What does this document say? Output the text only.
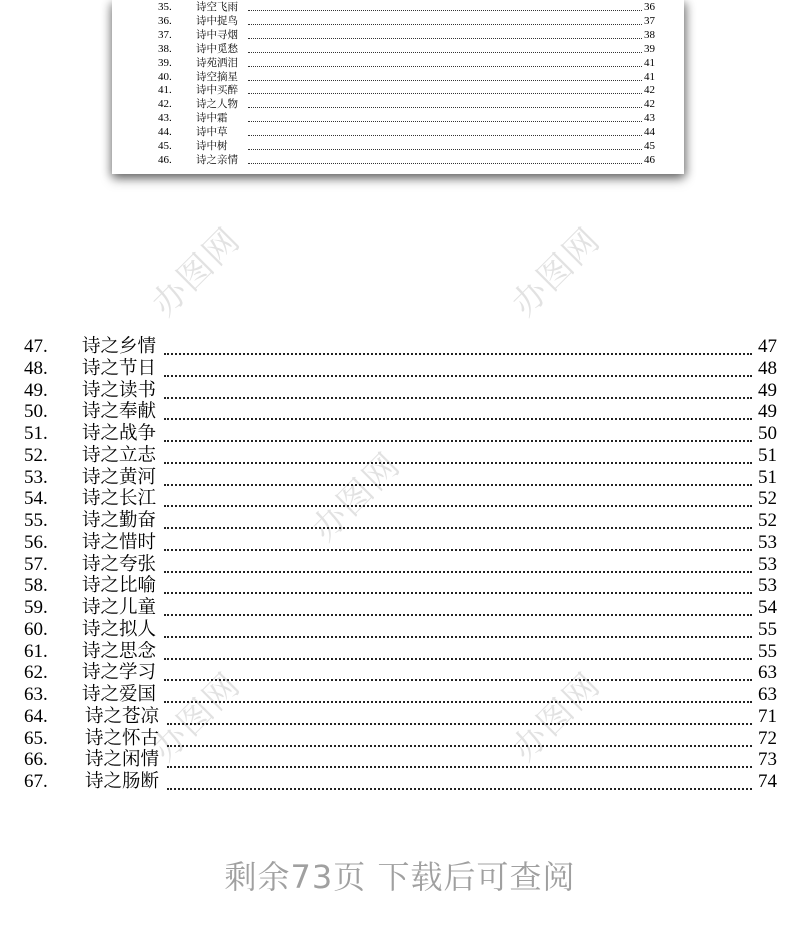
35.	诗空飞雨	36
36.	诗中捉鸟	37
37.	诗中寻烟	38
38.	诗中觅愁	39
39.	诗苑洒泪	41
40.	诗空摘星	41
41.	诗中买醉	42
42.	诗之人物	42
43.	诗中霜	43
44.	诗中草	44
45.	诗中树	45
46.	诗之亲情	46
办图网	办图网
办图网
办图网	办图网
47. 诗之乡情	47
48. 诗之节日	48
49. 诗之读书	49
50. 诗之奉献	49
51. 诗之战争	50
52. 诗之立志	51
53. 诗之黄河	51
54. 诗之长江	52
55. 诗之勤奋	52
56. 诗之惜时	53
57. 诗之夸张	53
58. 诗之比喻	53
59. 诗之儿童	54
60. 诗之拟人	55
61. 诗之思念	55
62. 诗之学习	63
63. 诗之爱国	63
64. 诗之苍凉	71
65. 诗之怀古	72
66. 诗之闲情	73
67. 诗之肠断	74
剩余73页 下载后可查阅
